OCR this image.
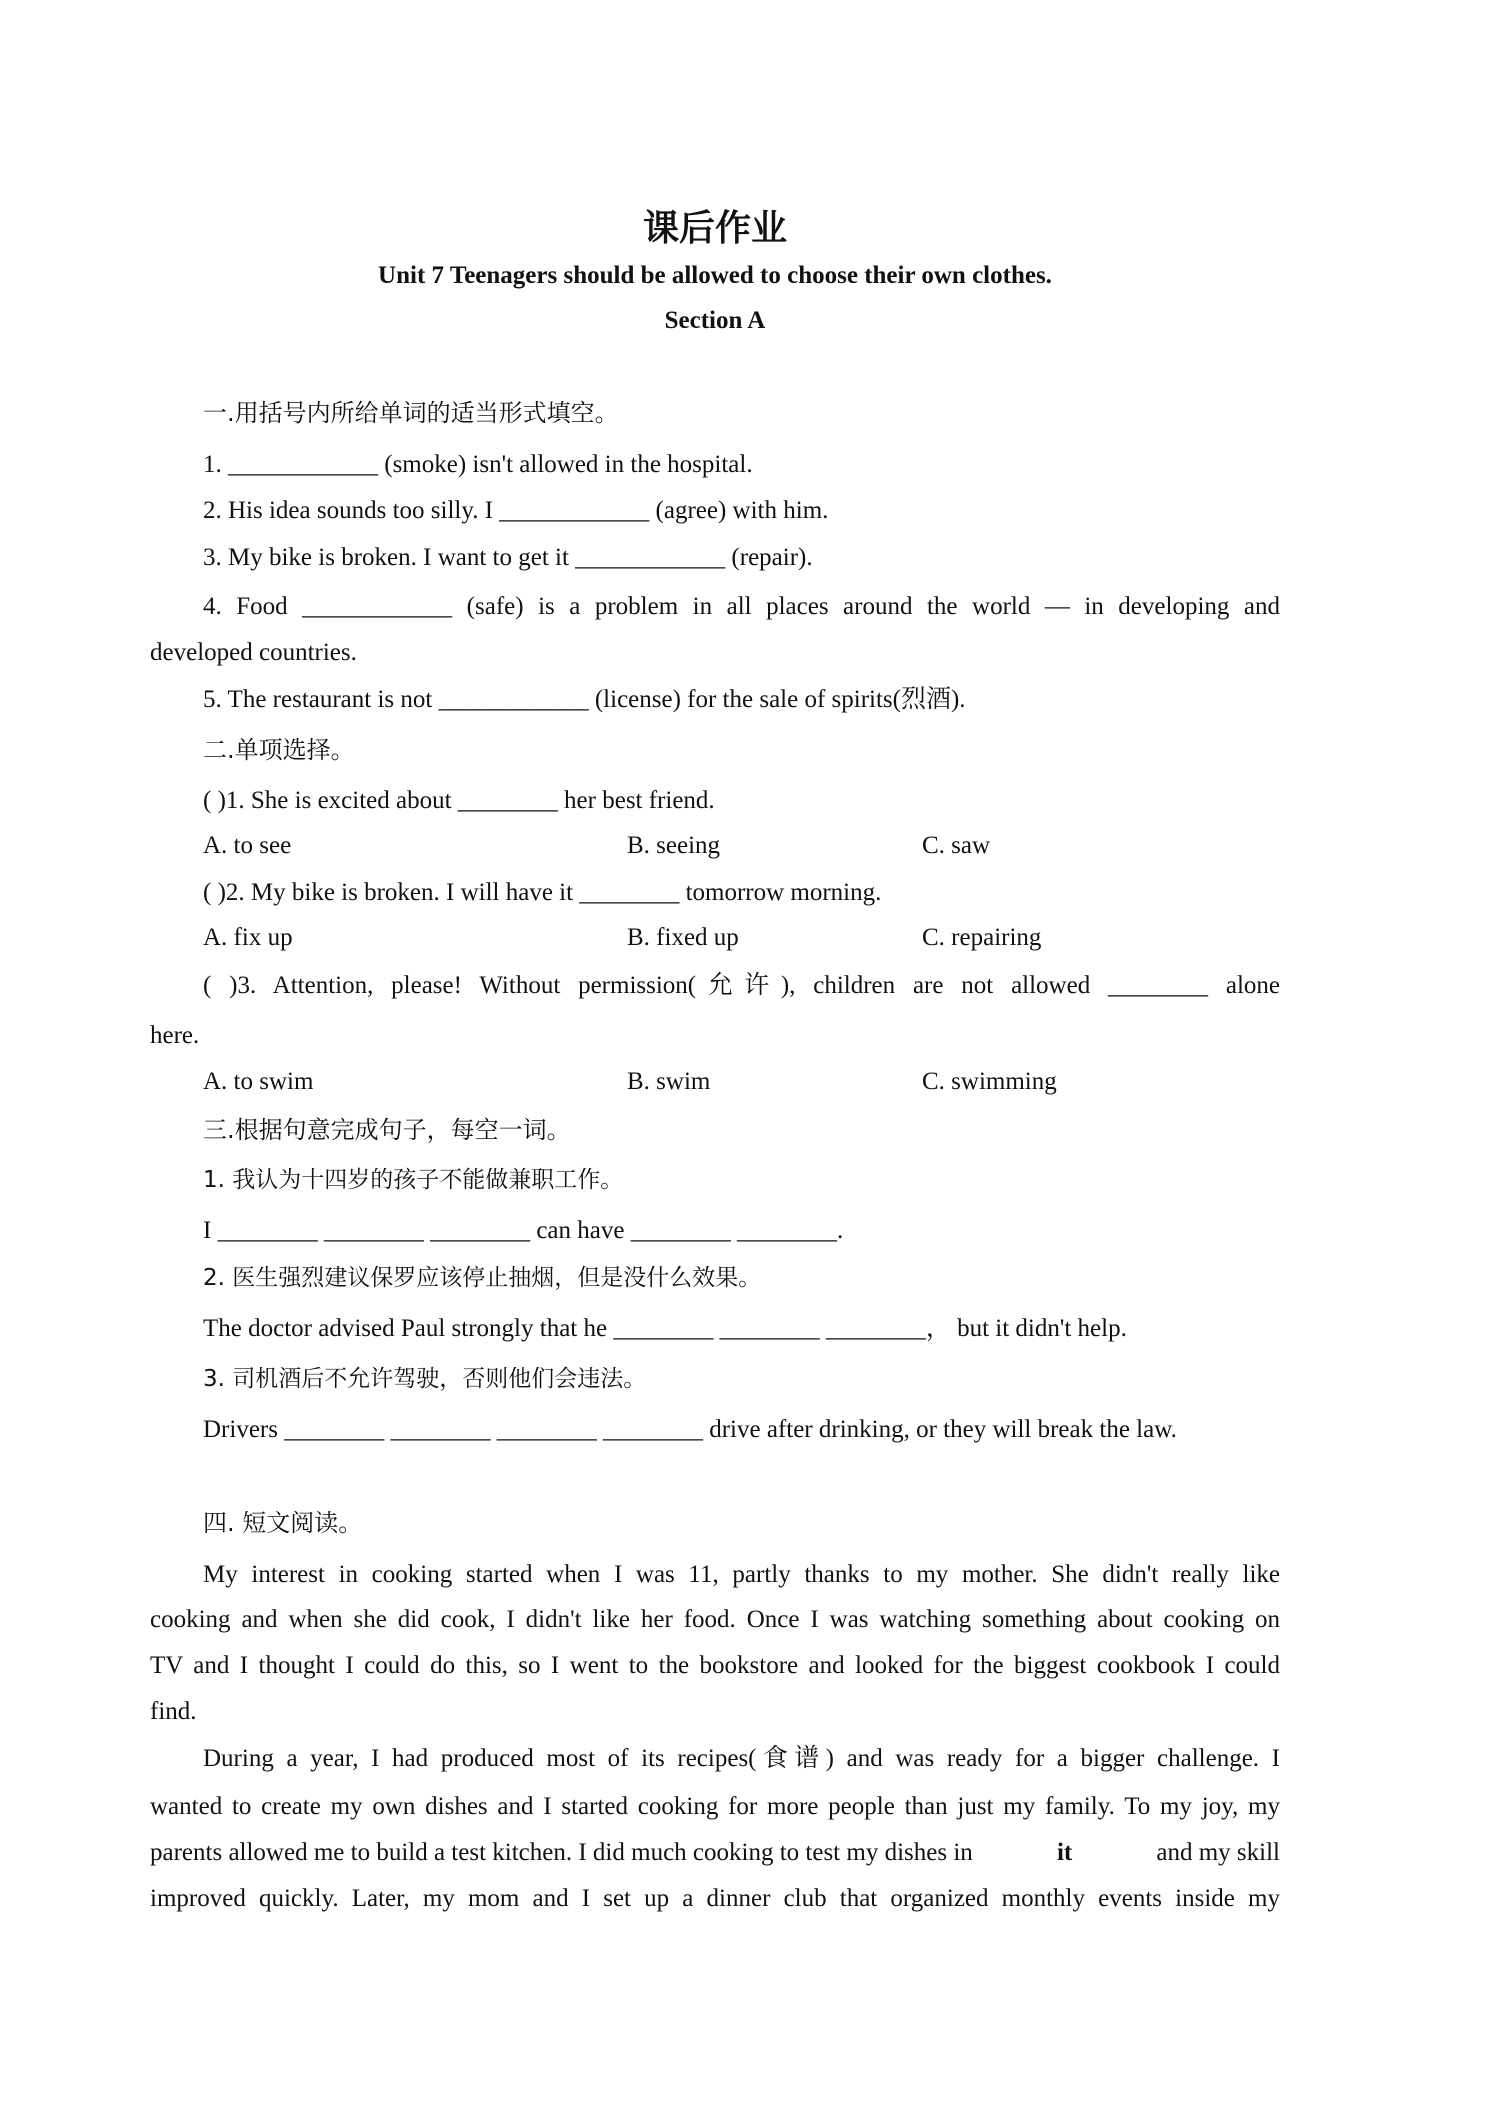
课后作业
Unit 7 Teenagers should be allowed to choose their own clothes.
Section A
一.用括号内所给单词的适当形式填空。
1. ____________ (smoke) isn't allowed in the hospital.
2. His idea sounds too silly. I ____________ (agree) with him.
3. My bike is broken. I want to get it ____________ (repair).
4. Food ____________ (safe) is a problem in all places around the world — in developing and
developed countries.
5. The restaurant is not ____________ (license) for the sale of spirits(烈酒).
二.单项选择。
( )1. She is excited about ________ her best friend.
A. to see	B. seeing	C. saw
( )2. My bike is broken. I will have it ________ tomorrow morning.
A. fix up	B. fixed up	C. repairing
( )3. Attention, please! Without permission(允许), children are not allowed ________ alone
here.
A. to swim	B. swim	C. swimming
三.根据句意完成句子，每空一词。
1. 我认为十四岁的孩子不能做兼职工作。
I ________ ________ ________ can have ________ ________.
2. 医生强烈建议保罗应该停止抽烟，但是没什么效果。
The doctor advised Paul strongly that he ________ ________ ________， but it didn't help.
3. 司机酒后不允许驾驶，否则他们会违法。
Drivers ________ ________ ________ ________ drive after drinking, or they will break the law.
四. 短文阅读。
My interest in cooking started when I was 11, partly thanks to my mother. She didn't really like
cooking and when she did cook, I didn't like her food. Once I was watching something about cooking on
TV and I thought I could do this, so I went to the bookstore and looked for the biggest cookbook I could
find.
During a year, I had produced most of its recipes(食谱) and was ready for a bigger challenge. I
wanted to create my own dishes and I started cooking for more people than just my family. To my joy, my
parents allowed me to build a test kitchen. I did much cooking to test my dishes in	it	and my skill
improved quickly. Later, my mom and I set up a dinner club that organized monthly events inside my
